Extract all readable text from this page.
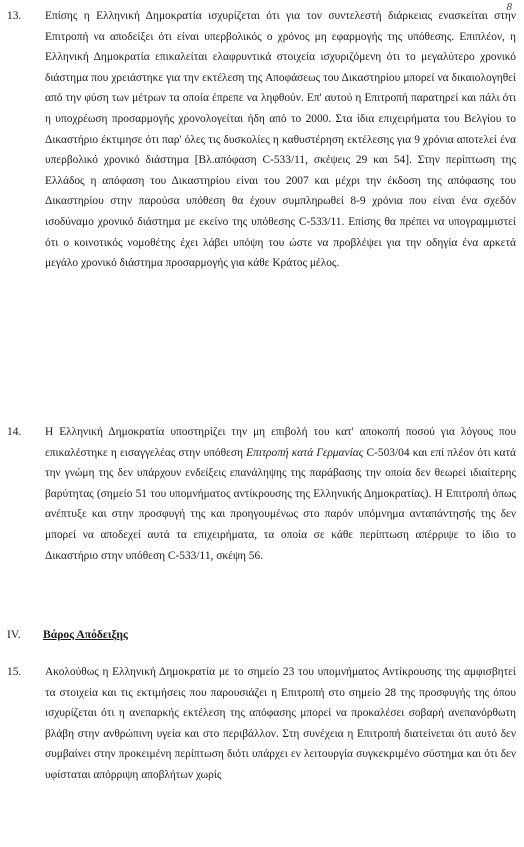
8
13.	Επίσης η Ελληνική Δημοκρατία ισχυρίζεται ότι για τον συντελεστή διάρκειας ενασκείται στην Επιτροπή να αποδείξει ότι είναι υπερβολικός ο χρόνος μη εφαρμογής της υπόθεσης. Επιπλέον, η Ελληνική Δημοκρατία επικαλείται ελαφρυντικά στοιχεία ισχυριζόμενη ότι το μεγαλύτερο χρονικό διάστημα που χρειάστηκε για την εκτέλεση της Αποφάσεως του Δικαστηρίου μπορεί να δικαιολογηθεί από την φύση των μέτρων τα οποία έπρεπε να ληφθούν. Επ' αυτού η Επιτροπή παρατηρεί και πάλι ότι η υποχρέωση προσαρμογής χρονολογείται ήδη από το 2000. Στα ίδια επιχειρήματα του Βελγίου το Δικαστήριο έκτιμησε ότι παρ' όλες τις δυσκολίες η καθυστέρηση εκτέλεσης για 9 χρόνια αποτελεί ένα υπερβολικό χρονικό διάστημα [Βλ.απόφαση C-533/11, σκέψεις 29 και 54]. Στην περίπτωση της Ελλάδος η απόφαση του Δικαστηρίου είναι του 2007 και μέχρι την έκδοση της απόφασης του Δικαστηρίου στην παρούσα υπόθεση θα έχουν συμπληρωθεί 8-9 χρόνια που είναι ένα σχεδόν ισοδύναμο χρονικό διάστημα με εκείνο της υπόθεσης C-533/11. Επίσης θα πρέπει να υπογραμμιστεί ότι ο κοινοτικός νομοθέτης έχει λάβει υπόψη του ώστε να προβλέψει για την οδηγία ένα αρκετά μεγάλο χρονικό διάστημα προσαρμογής για κάθε Κράτος μέλος.
14.	Η Ελληνική Δημοκρατία υποστηρίζει την μη επιβολή του κατ' αποκοπή ποσού για λόγους που επικαλέστηκε η εισαγγελέας στην υπόθεση Επιτροπή κατά Γερμανίας C-503/04 και επί πλέον ότι κατά την γνώμη της δεν υπάρχουν ενδείξεις επανάληψης της παράβασης την οποία δεν θεωρεί ιδιαίτερης βαρύτητας (σημείο 51 του υπομνήματος αντίκρουσης της Ελληνικής Δημοκρατίας). Η Επιτροπή όπως ανέπτυξε και στην προσφυγή της και προηγουμένως στο παρόν υπόμνημα ανταπάντησής της δεν μπορεί να αποδεχεί αυτά τα επιχειρήματα, τα οποία σε κάθε περίπτωση απέρριψε το ίδιο το Δικαστήριο στην υπόθεση C-533/11, σκέψη 56.
IV. Βάρος Απόδειξης
15.	Ακολούθως η Ελληνική Δημοκρατία με το σημείο 23 του υπομνήματος Αντίκρουσης της αμφισβητεί τα στοιχεία και τις εκτιμήσεις που παρουσιάζει η Επιτροπή στο σημείο 28 της προσφυγής της όπου ισχυρίζεται ότι η ανεπαρκής εκτέλεση της απόφασης μπορεί να προκαλέσει σοβαρή ανεπανόρθωτη βλάβη στην ανθρώπινη υγεία και στο περιβάλλον. Στη συνέχεια η Επιτροπή διατείνεται ότι αυτό δεν συμβαίνει στην προκειμένη περίπτωση διότι υπάρχει εν λειτουργία συγκεκριμένο σύστημα και ότι δεν υφίσταται απόρριψη αποβλήτων χωρίς
